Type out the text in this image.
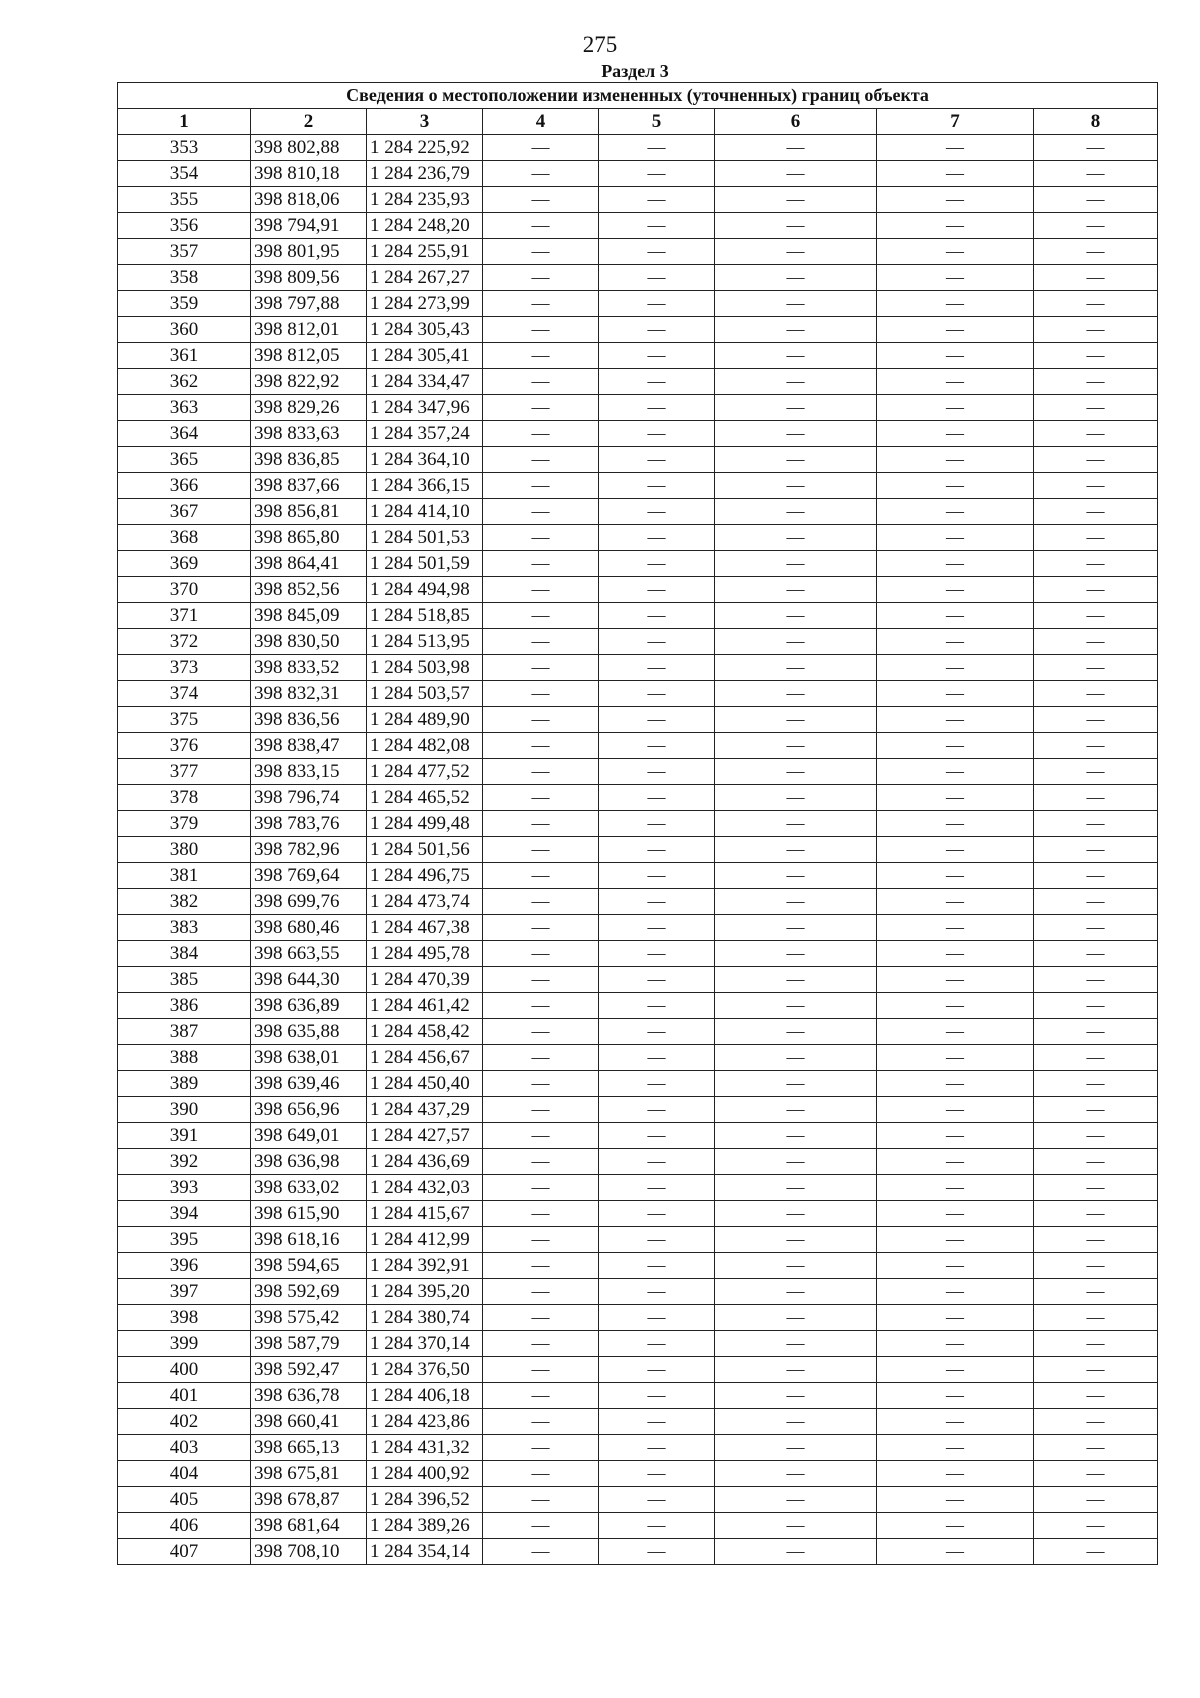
275
Раздел 3
Сведения о местоположении измененных (уточненных) границ объекта							
1	2	3	4	5	6	7	8
353	398 802,88	1 284 225,92	—	—	—	—	—
354	398 810,18	1 284 236,79	—	—	—	—	—
355	398 818,06	1 284 235,93	—	—	—	—	—
356	398 794,91	1 284 248,20	—	—	—	—	—
357	398 801,95	1 284 255,91	—	—	—	—	—
358	398 809,56	1 284 267,27	—	—	—	—	—
359	398 797,88	1 284 273,99	—	—	—	—	—
360	398 812,01	1 284 305,43	—	—	—	—	—
361	398 812,05	1 284 305,41	—	—	—	—	—
362	398 822,92	1 284 334,47	—	—	—	—	—
363	398 829,26	1 284 347,96	—	—	—	—	—
364	398 833,63	1 284 357,24	—	—	—	—	—
365	398 836,85	1 284 364,10	—	—	—	—	—
366	398 837,66	1 284 366,15	—	—	—	—	—
367	398 856,81	1 284 414,10	—	—	—	—	—
368	398 865,80	1 284 501,53	—	—	—	—	—
369	398 864,41	1 284 501,59	—	—	—	—	—
370	398 852,56	1 284 494,98	—	—	—	—	—
371	398 845,09	1 284 518,85	—	—	—	—	—
372	398 830,50	1 284 513,95	—	—	—	—	—
373	398 833,52	1 284 503,98	—	—	—	—	—
374	398 832,31	1 284 503,57	—	—	—	—	—
375	398 836,56	1 284 489,90	—	—	—	—	—
376	398 838,47	1 284 482,08	—	—	—	—	—
377	398 833,15	1 284 477,52	—	—	—	—	—
378	398 796,74	1 284 465,52	—	—	—	—	—
379	398 783,76	1 284 499,48	—	—	—	—	—
380	398 782,96	1 284 501,56	—	—	—	—	—
381	398 769,64	1 284 496,75	—	—	—	—	—
382	398 699,76	1 284 473,74	—	—	—	—	—
383	398 680,46	1 284 467,38	—	—	—	—	—
384	398 663,55	1 284 495,78	—	—	—	—	—
385	398 644,30	1 284 470,39	—	—	—	—	—
386	398 636,89	1 284 461,42	—	—	—	—	—
387	398 635,88	1 284 458,42	—	—	—	—	—
388	398 638,01	1 284 456,67	—	—	—	—	—
389	398 639,46	1 284 450,40	—	—	—	—	—
390	398 656,96	1 284 437,29	—	—	—	—	—
391	398 649,01	1 284 427,57	—	—	—	—	—
392	398 636,98	1 284 436,69	—	—	—	—	—
393	398 633,02	1 284 432,03	—	—	—	—	—
394	398 615,90	1 284 415,67	—	—	—	—	—
395	398 618,16	1 284 412,99	—	—	—	—	—
396	398 594,65	1 284 392,91	—	—	—	—	—
397	398 592,69	1 284 395,20	—	—	—	—	—
398	398 575,42	1 284 380,74	—	—	—	—	—
399	398 587,79	1 284 370,14	—	—	—	—	—
400	398 592,47	1 284 376,50	—	—	—	—	—
401	398 636,78	1 284 406,18	—	—	—	—	—
402	398 660,41	1 284 423,86	—	—	—	—	—
403	398 665,13	1 284 431,32	—	—	—	—	—
404	398 675,81	1 284 400,92	—	—	—	—	—
405	398 678,87	1 284 396,52	—	—	—	—	—
406	398 681,64	1 284 389,26	—	—	—	—	—
407	398 708,10	1 284 354,14	—	—	—	—	—
